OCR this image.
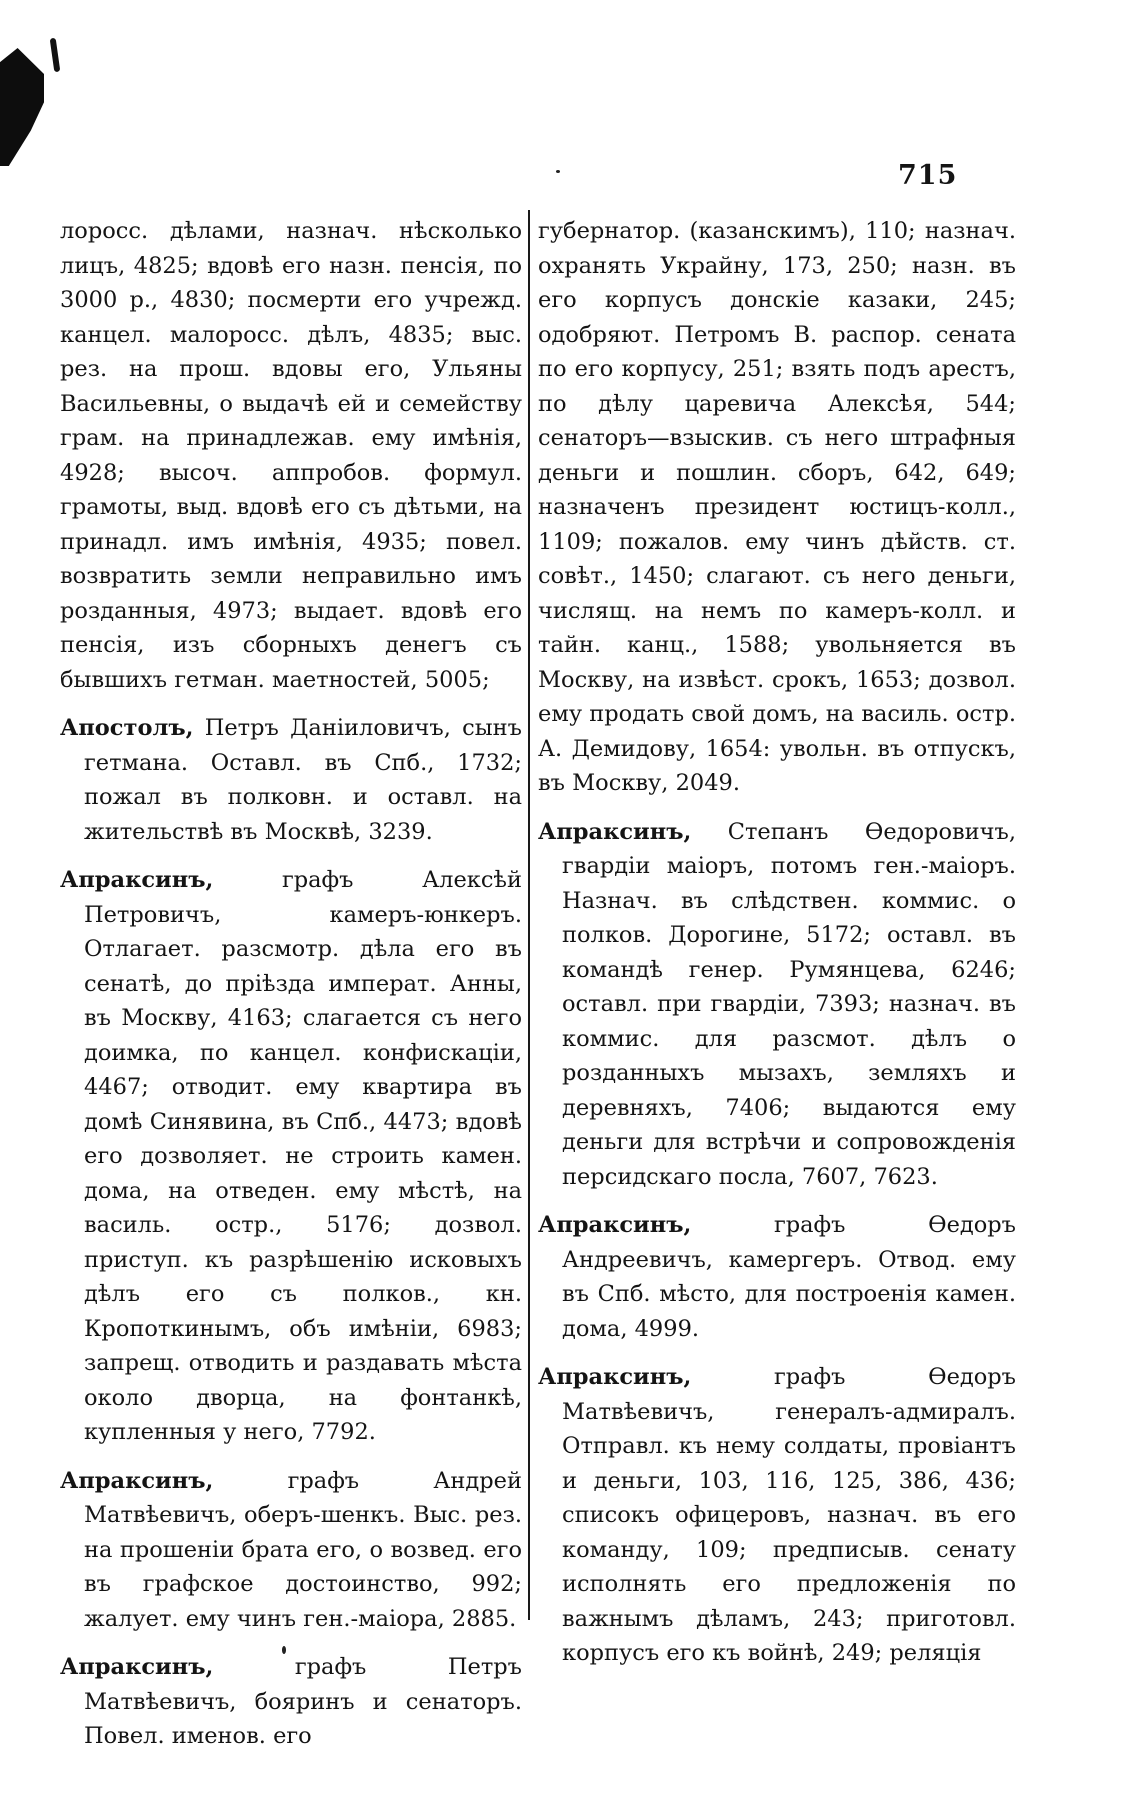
715

лоросс. дѣлами, назнач. нѣсколько лицъ, 4825; вдовѣ его назн. пенсія, по 3000 р., 4830; посмерти его учрежд. канцел. малоросс. дѣлъ, 4835; выс. рез. на прош. вдовы его, Ульяны Васильевны, о выдачѣ ей и семейству грам. на принадлежав. ему имѣнія, 4928; высоч. аппробов. формул. грамоты, выд. вдовѣ его съ дѣтьми, на принадл. имъ имѣнія, 4935; повел. возвратить земли неправильно имъ розданныя, 4973; выдает. вдовѣ его пенсія, изъ сборныхъ денегъ съ бывшихъ гетман. маетностей, 5005;

Апостолъ, Петръ Даніиловичъ, сынъ гетмана. Оставл. въ Спб., 1732; пожал въ полковн. и оставл. на жительствѣ въ Москвѣ, 3239.

Апраксинъ, графъ Алексѣй Петровичъ, камеръ-юнкеръ. Отлагает. разсмотр. дѣла его въ сенатѣ, до пріѣзда императ. Анны, въ Москву, 4163; слагается съ него доимка, по канцел. конфискаціи, 4467; отводит. ему квартира въ домѣ Синявина, въ Спб., 4473; вдовѣ его дозволяет. не строить камен. дома, на отведен. ему мѣстѣ, на василь. остр., 5176; дозвол. приступ. къ разрѣшенію исковыхъ дѣлъ его съ полков., кн. Кропоткинымъ, объ имѣніи, 6983; запрещ. отводить и раздавать мѣста около дворца, на фонтанкѣ, купленныя у него, 7792.

Апраксинъ, графъ Андрей Матвѣевичъ, оберъ-шенкъ. Выс. рез. на прошеніи брата его, о возвед. его въ графское достоинство, 992; жалует. ему чинъ ген.-маіора, 2885.

Апраксинъ, графъ Петръ Матвѣевичъ, бояринъ и сенаторъ. Повел. именов. его

губернатор. (казанскимъ), 110; назнач. охранять Украйну, 173, 250; назн. въ его корпусъ донскіе казаки, 245; одобряют. Петромъ В. распор. сената по его корпусу, 251; взять подъ арестъ, по дѣлу царевича Алексѣя, 544; сенаторъ—взыскив. съ него штрафныя деньги и пошлин. сборъ, 642, 649; назначенъ президент юстицъ-колл., 1109; пожалов. ему чинъ дѣйств. ст. совѣт., 1450; слагают. съ него деньги, числящ. на немъ по камеръ-колл. и тайн. канц., 1588; увольняется въ Москву, на извѣст. срокъ, 1653; дозвол. ему продать свой домъ, на василь. остр. А. Демидову, 1654: увольн. въ отпускъ, въ Москву, 2049.

Апраксинъ, Степанъ Ѳедоровичъ, гвардіи маіоръ, потомъ ген.-маіоръ. Назнач. въ слѣдствен. коммис. о полков. Дорогине, 5172; оставл. въ командѣ генер. Румянцева, 6246; оставл. при гвардіи, 7393; назнач. въ коммис. для разсмот. дѣлъ о розданныхъ мызахъ, земляхъ и деревняхъ, 7406; выдаются ему деньги для встрѣчи и сопровожденія персидскаго посла, 7607, 7623.

Апраксинъ, графъ Ѳедоръ Андреевичъ, камергеръ. Отвод. ему въ Спб. мѣсто, для построенія камен. дома, 4999.

Апраксинъ, графъ Ѳедоръ Матвѣевичъ, генералъ-адмиралъ. Отправл. къ нему солдаты, провіантъ и деньги, 103, 116, 125, 386, 436; списокъ офицеровъ, назнач. въ его команду, 109; предписыв. сенату исполнять его предложенія по важнымъ дѣламъ, 243; приготовл. корпусъ его къ войнѣ, 249; реляція
